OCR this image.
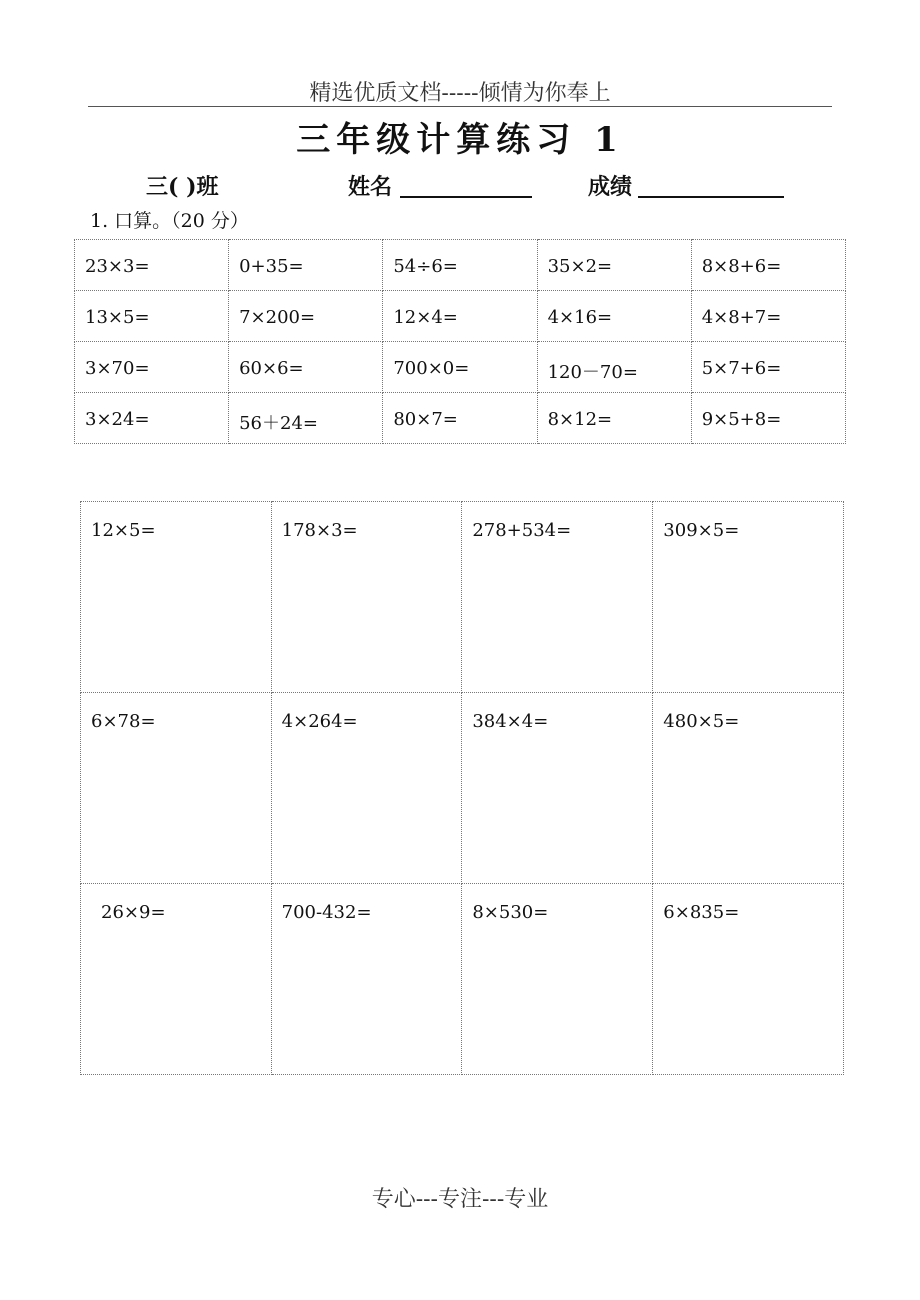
精选优质文档-----倾情为你奉上
三年级计算练习 1
三( )班	姓名	成绩
1. 口算。（20 分）
23×3=	0+35=	54÷6=	35×2=	8×8+6=

13×5=	7×200=	12×4=	4×16=	4×8+7=

3×70=	60×6=	700×0=	120－70=	5×7+6=

3×24=	56＋24=	80×7=	8×12=	9×5+8=
12×5=	178×3=	278+534=	309×5=

6×78=	4×264=	384×4=	480×5=

26×9=	700-432=	8×530=	6×835=
专心---专注---专业
